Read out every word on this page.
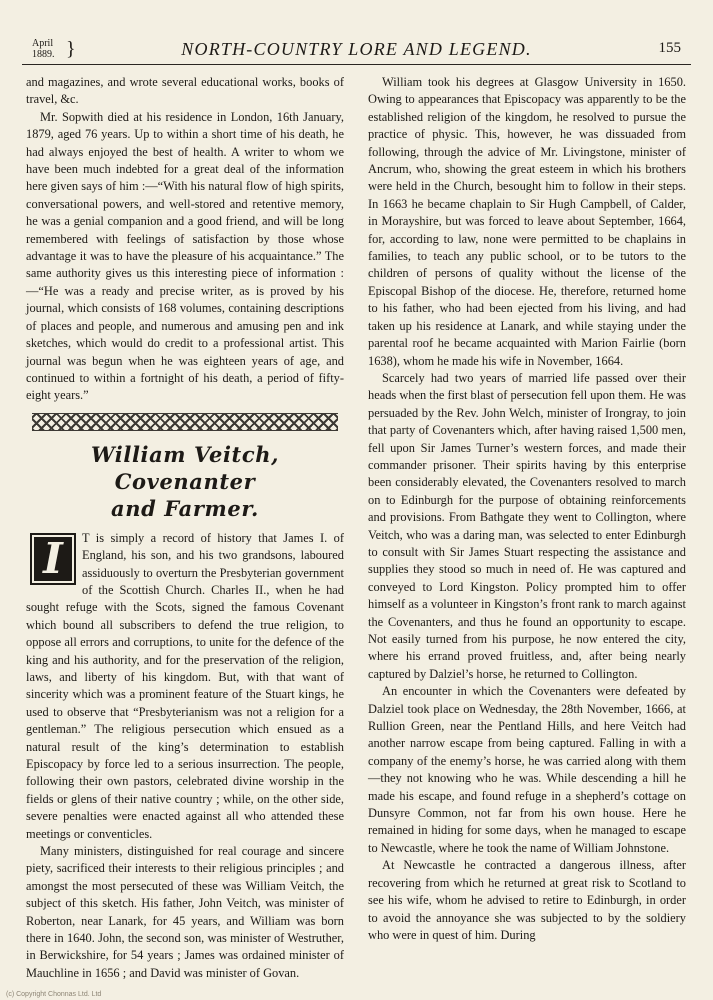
April
1889. }	NORTH-COUNTRY LORE AND LEGEND.	155

and magazines, and wrote several educational works, books of travel, &c.

Mr. Sopwith died at his residence in London, 16th January, 1879, aged 76 years. Up to within a short time of his death, he had always enjoyed the best of health. A writer to whom we have been much indebted for a great deal of the information here given says of him :—“With his natural flow of high spirits, conversational powers, and well-stored and retentive memory, he was a genial companion and a good friend, and will be long remembered with feelings of satisfaction by those whose advantage it was to have the pleasure of his acquaintance.” The same authority gives us this interesting piece of information :—“He was a ready and precise writer, as is proved by his journal, which consists of 168 volumes, containing descriptions of places and people, and numerous and amusing pen and ink sketches, which would do credit to a professional artist. This journal was begun when he was eighteen years of age, and continued to within a fortnight of his death, a period of fifty-eight years.”

William Veitch, Covenanter
and Farmer.
I	T is simply a record of history that James I. of England, his son, and his two grandsons, laboured assiduously to overturn the Presbyterian government of the Scottish Church. Charles II., when he had sought refuge with the Scots, signed the famous Covenant which bound all subscribers to defend the true religion, to oppose all errors and corruptions, to unite for the defence of the king and his authority, and for the preservation of the religion, laws, and liberty of his kingdom. But, with that want of sincerity which was a prominent feature of the Stuart kings, he used to observe that “Presbyterianism was not a religion for a gentleman.” The religious persecution which ensued as a natural result of the king’s determination to establish Episcopacy by force led to a serious insurrection. The people, following their own pastors, celebrated divine worship in the fields or glens of their native country ; while, on the other side, severe penalties were enacted against all who attended these meetings or conventicles.

Many ministers, distinguished for real courage and sincere piety, sacrificed their interests to their religious principles ; and amongst the most persecuted of these was William Veitch, the subject of this sketch. His father, John Veitch, was minister of Roberton, near Lanark, for 45 years, and William was born there in 1640. John, the second son, was minister of Westruther, in Berwickshire, for 54 years ; James was ordained minister of Mauchline in 1656 ; and David was minister of Govan.

William took his degrees at Glasgow University in 1650. Owing to appearances that Episcopacy was apparently to be the established religion of the kingdom, he resolved to pursue the practice of physic. This, however, he was dissuaded from following, through the advice of Mr. Livingstone, minister of Ancrum, who, showing the great esteem in which his brothers were held in the Church, besought him to follow in their steps. In 1663 he became chaplain to Sir Hugh Campbell, of Calder, in Morayshire, but was forced to leave about September, 1664, for, according to law, none were permitted to be chaplains in families, to teach any public school, or to be tutors to the children of persons of quality without the license of the Episcopal Bishop of the diocese. He, therefore, returned home to his father, who had been ejected from his living, and had taken up his residence at Lanark, and while staying under the parental roof he became acquainted with Marion Fairlie (born 1638), whom he made his wife in November, 1664.

Scarcely had two years of married life passed over their heads when the first blast of persecution fell upon them. He was persuaded by the Rev. John Welch, minister of Irongray, to join that party of Covenanters which, after having raised 1,500 men, fell upon Sir James Turner’s western forces, and made their commander prisoner. Their spirits having by this enterprise been considerably elevated, the Covenanters resolved to march on to Edinburgh for the purpose of obtaining reinforcements and provisions. From Bathgate they went to Collington, where Veitch, who was a daring man, was selected to enter Edinburgh to consult with Sir James Stuart respecting the assistance and supplies they stood so much in need of. He was captured and conveyed to Lord Kingston. Policy prompted him to offer himself as a volunteer in Kingston’s front rank to march against the Covenanters, and thus he found an opportunity to escape. Not easily turned from his purpose, he now entered the city, where his errand proved fruitless, and, after being nearly captured by Dalziel’s horse, he returned to Collington.

An encounter in which the Covenanters were defeated by Dalziel took place on Wednesday, the 28th November, 1666, at Rullion Green, near the Pentland Hills, and here Veitch had another narrow escape from being captured. Falling in with a company of the enemy’s horse, he was carried along with them—they not knowing who he was. While descending a hill he made his escape, and found refuge in a shepherd’s cottage on Dunsyre Common, not far from his own house. Here he remained in hiding for some days, when he managed to escape to Newcastle, where he took the name of William Johnstone.

At Newcastle he contracted a dangerous illness, after recovering from which he returned at great risk to Scotland to see his wife, whom he advised to retire to Edinburgh, in order to avoid the annoyance she was subjected to by the soldiery who were in quest of him. During

(c) Copyright Chonnas Ltd. Ltd
